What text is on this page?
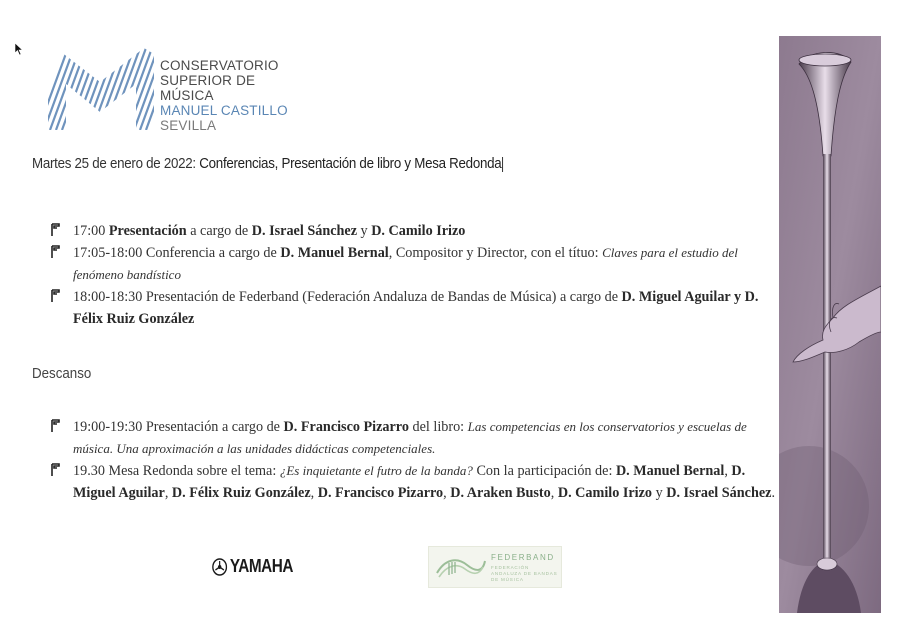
CONSERVATORIO
SUPERIOR DE MÚSICA
MANUEL CASTILLO
SEVILLA
Martes 25 de enero de 2022: Conferencias, Presentación de libro y Mesa Redonda

17:00 Presentación a cargo de D. Israel Sánchez y D. Camilo Irizo

17:05-18:00 Conferencia a cargo de D. Manuel Bernal, Compositor y Director, con el títuo: Claves para el estudio del fenómeno bandístico

18:00-18:30 Presentación de Federband (Federación Andaluza de Bandas de Música) a cargo de D. Miguel Aguilar y D. Félix Ruiz González

Descanso

19:00-19:30 Presentación a cargo de D. Francisco Pizarro del libro: Las competencias en los conservatorios y escuelas de música. Una aproximación a las unidades didácticas competenciales.

19.30 Mesa Redonda sobre el tema: ¿Es inquietante el futro de la banda? Con la participación de: D. Manuel Bernal, D. Miguel Aguilar, D. Félix Ruiz González, D. Francisco Pizarro, D. Araken Busto, D. Camilo Irizo y D. Israel Sánchez.

YAMAHA	FEDERBAND
FEDERACIÓN ANDALUZA DE BANDAS DE MÚSICA
